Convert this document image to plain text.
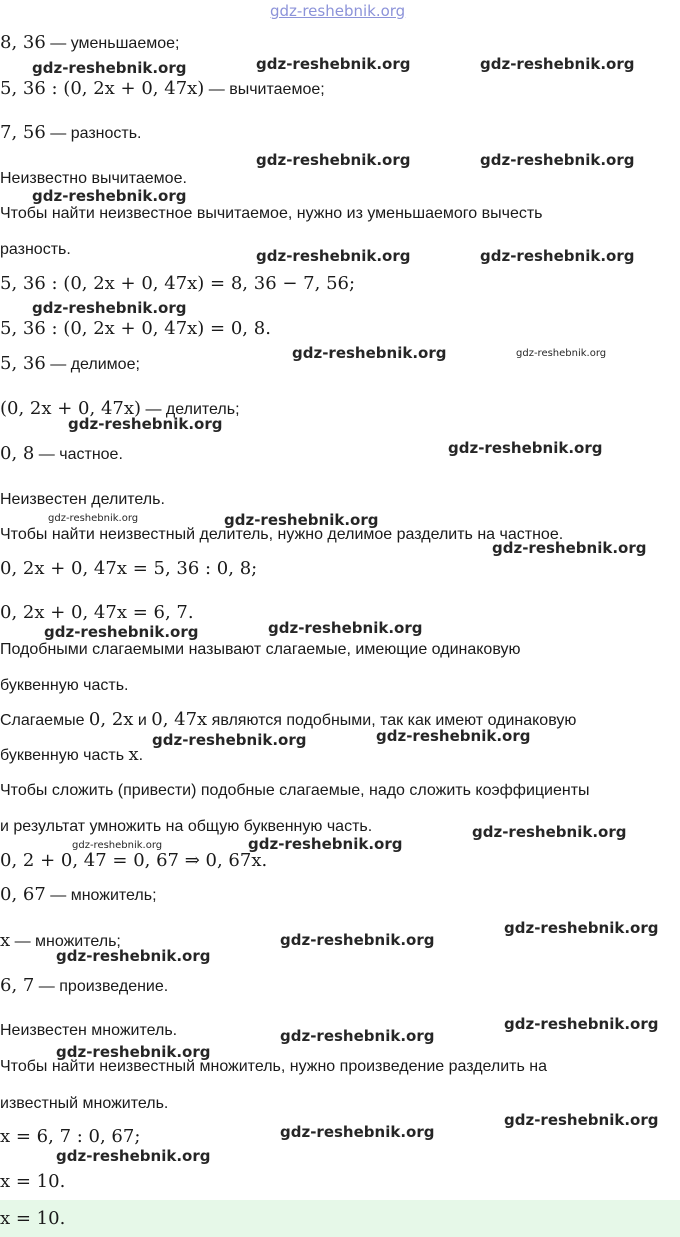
gdz-reshebnik.org
8, 36 — уменьшаемое;
5, 36 : (0, 2x + 0, 47x) — вычитаемое;
7, 56 — разность.
Неизвестно вычитаемое.
Чтобы найти неизвестное вычитаемое, нужно из уменьшаемого вычесть
разность.
5, 36 : (0, 2x + 0, 47x) = 8, 36 − 7, 56;
5, 36 : (0, 2x + 0, 47x) = 0, 8.
5, 36 — делимое;
(0, 2x + 0, 47x) — делитель;
0, 8 — частное.
Неизвестен делитель.
Чтобы найти неизвестный делитель, нужно делимое разделить на частное.
0, 2x + 0, 47x = 5, 36 : 0, 8;
0, 2x + 0, 47x = 6, 7.
Подобными слагаемыми называют слагаемые, имеющие одинаковую
буквенную часть.
Слагаемые 0, 2x и 0, 47x являются подобными, так как имеют одинаковую
буквенную часть x.
Чтобы сложить (привести) подобные слагаемые, надо сложить коэффициенты
и результат умножить на общую буквенную часть.
0, 2 + 0, 47 = 0, 67 ⇒ 0, 67x.
0, 67 — множитель;
x — множитель;
6, 7 — произведение.
Неизвестен множитель.
Чтобы найти неизвестный множитель, нужно произведение разделить на
известный множитель.
x = 6, 7 : 0, 67;
x = 10.
x = 10.
gdz-reshebnik.org	gdz-reshebnik.org	gdz-reshebnik.org
gdz-reshebnik.org	gdz-reshebnik.org
gdz-reshebnik.org
gdz-reshebnik.org	gdz-reshebnik.org
gdz-reshebnik.org
gdz-reshebnik.org	gdz-reshebnik.org
gdz-reshebnik.org
gdz-reshebnik.org
gdz-reshebnik.org	gdz-reshebnik.org
gdz-reshebnik.org
gdz-reshebnik.org	gdz-reshebnik.org
gdz-reshebnik.org	gdz-reshebnik.org
gdz-reshebnik.org
gdz-reshebnik.org	gdz-reshebnik.org
gdz-reshebnik.org
gdz-reshebnik.org
gdz-reshebnik.org
gdz-reshebnik.org
gdz-reshebnik.org
gdz-reshebnik.org
gdz-reshebnik.org
gdz-reshebnik.org
gdz-reshebnik.org
